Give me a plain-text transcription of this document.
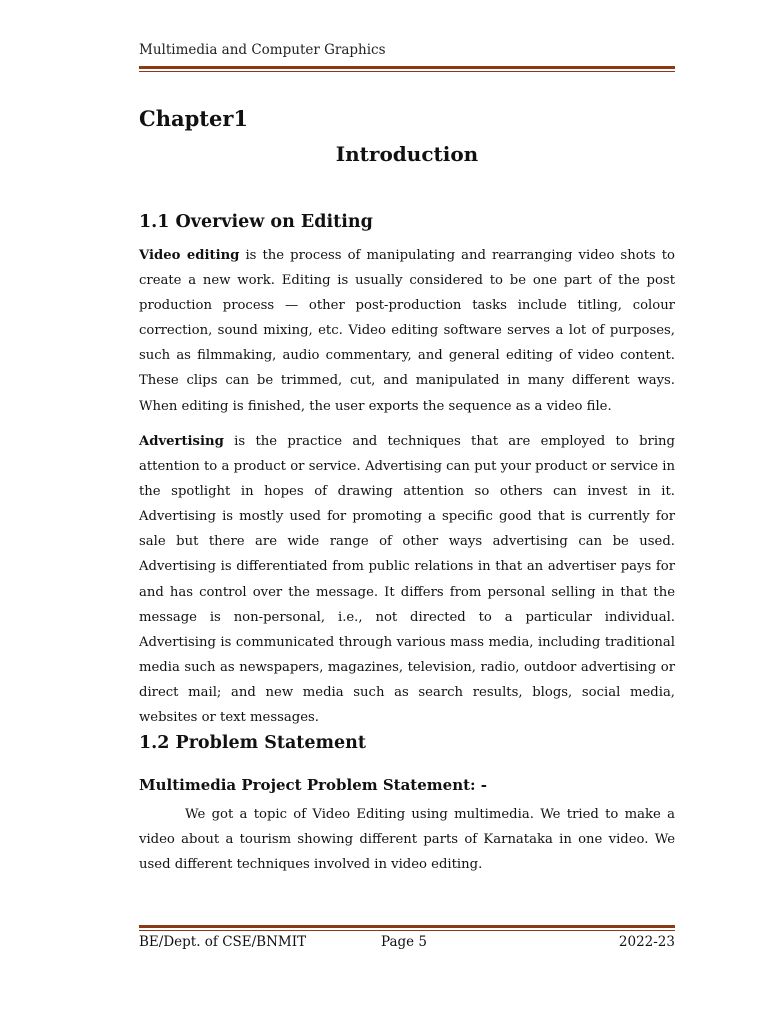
Multimedia and Computer Graphics
Chapter1
Introduction
1.1 Overview on Editing
Video editing is the process of manipulating and rearranging video shots to create a new work. Editing is usually considered to be one part of the post production process — other post-production tasks include titling, colour correction, sound mixing, etc. Video editing software serves a lot of purposes, such as filmmaking, audio commentary, and general editing of video content. These clips can be trimmed, cut, and manipulated in many different ways. When editing is finished, the user exports the sequence as a video file.
Advertising is the practice and techniques that are employed to bring attention to a product or service. Advertising can put your product or service in the spotlight in hopes of drawing attention so others can invest in it. Advertising is mostly used for promoting a specific good that is currently for sale but there are wide range of other ways advertising can be used. Advertising is differentiated from public relations in that an advertiser pays for and has control over the message. It differs from personal selling in that the message is non-personal, i.e., not directed to a particular individual. Advertising is communicated through various mass media, including traditional media such as newspapers, magazines, television, radio, outdoor advertising or direct mail; and new media such as search results, blogs, social media, websites or text messages.
1.2 Problem Statement
Multimedia Project Problem Statement: -
We got a topic of Video Editing using multimedia. We tried to make a video about a tourism showing different parts of Karnataka in one video. We used different techniques involved in video editing.
BE/Dept. of CSE/BNMIT	Page 5	2022-23
